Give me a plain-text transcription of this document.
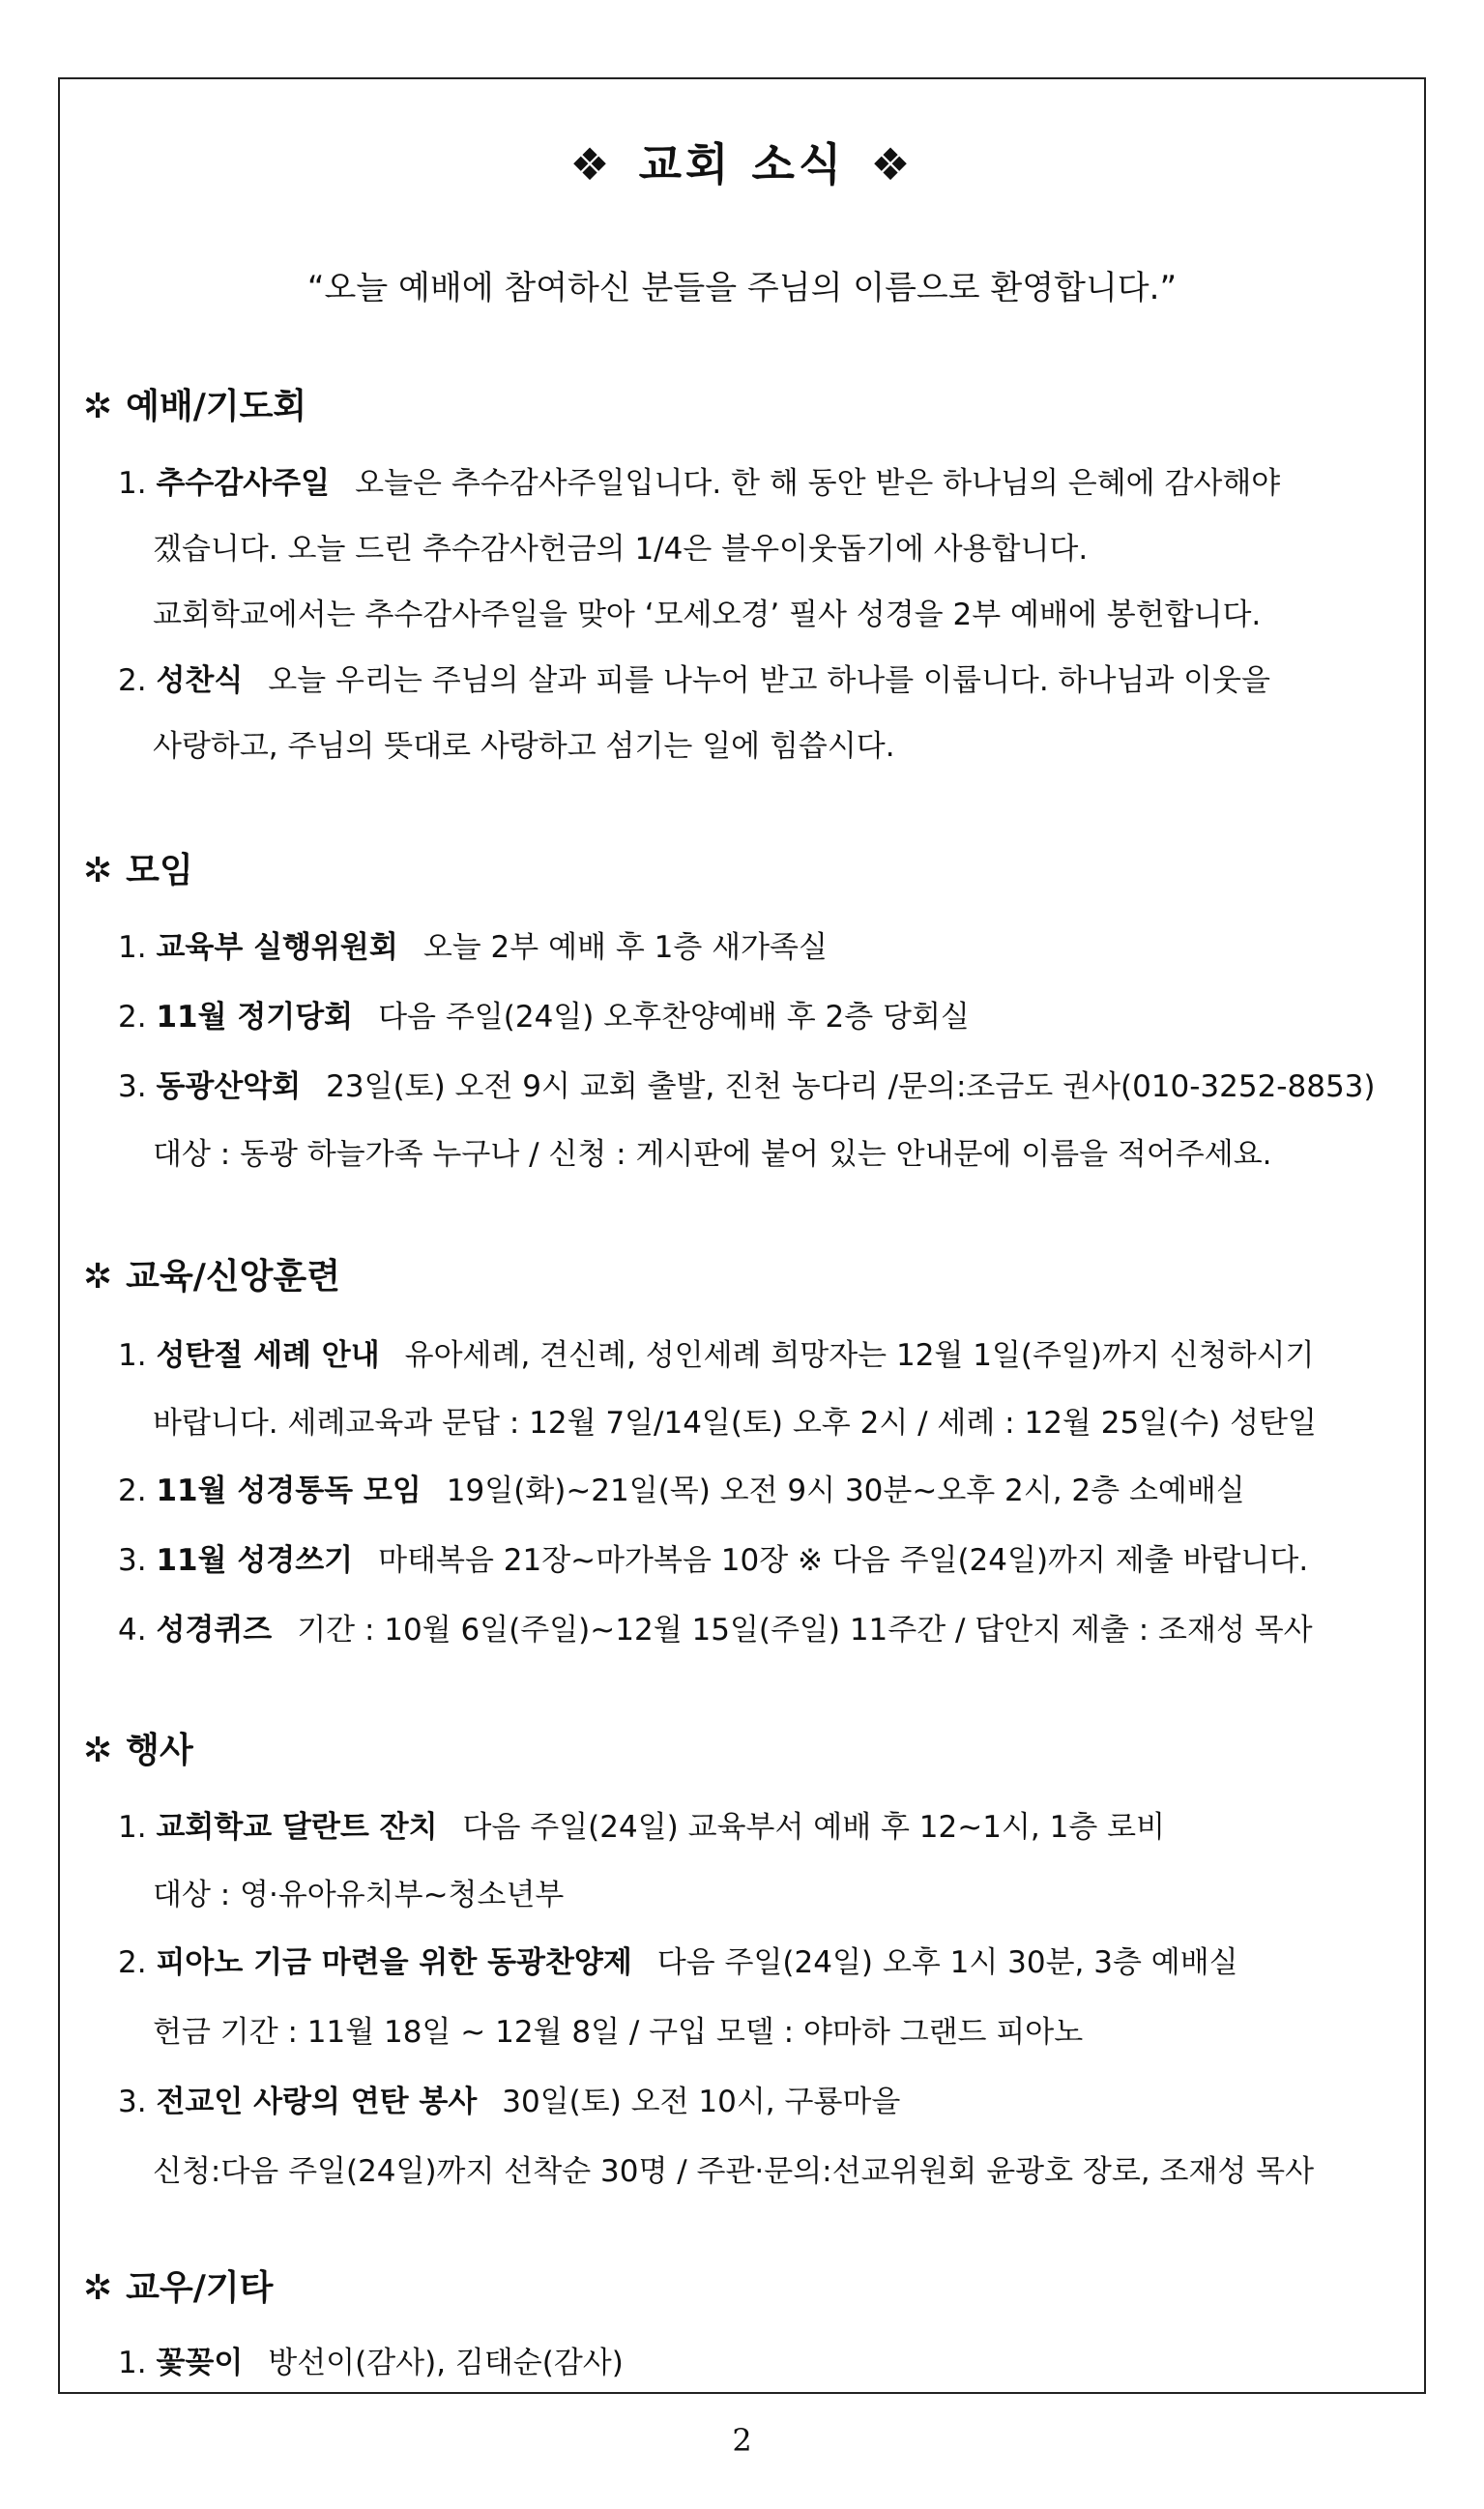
❖ 교회 소식 ❖
“오늘 예배에 참여하신 분들을 주님의 이름으로 환영합니다.”
✲ 예배/기도회
1. 추수감사주일 오늘은 추수감사주일입니다. 한 해 동안 받은 하나님의 은혜에 감사해야
겠습니다. 오늘 드린 추수감사헌금의 1/4은 블우이웃돕기에 사용합니다.
교회학교에서는 추수감사주일을 맞아 ‘모세오경’ 필사 성경을 2부 예배에 봉헌합니다.
2. 성찬식 오늘 우리는 주님의 살과 피를 나누어 받고 하나를 이룹니다. 하나님과 이웃을
사랑하고, 주님의 뜻대로 사랑하고 섬기는 일에 힘씁시다.
✲ 모임
1. 교육부 실행위원회 오늘 2부 예배 후 1층 새가족실
2. 11월 정기당회 다음 주일(24일) 오후찬양예배 후 2층 당회실
3. 동광산악회 23일(토) 오전 9시 교회 출발, 진천 농다리 /문의:조금도 권사(010-3252-8853)
대상 : 동광 하늘가족 누구나 / 신청 : 게시판에 붙어 있는 안내문에 이름을 적어주세요.
✲ 교육/신앙훈련
1. 성탄절 세례 안내 유아세례, 견신례, 성인세례 희망자는 12월 1일(주일)까지 신청하시기
바랍니다. 세례교육과 문답 : 12월 7일/14일(토) 오후 2시 / 세례 : 12월 25일(수) 성탄일
2. 11월 성경통독 모임 19일(화)~21일(목) 오전 9시 30분~오후 2시, 2층 소예배실
3. 11월 성경쓰기 마태복음 21장~마가복음 10장 ※ 다음 주일(24일)까지 제출 바랍니다.
4. 성경퀴즈 기간 : 10월 6일(주일)~12월 15일(주일) 11주간 / 답안지 제출 : 조재성 목사
✲ 행사
1. 교회학교 달란트 잔치 다음 주일(24일) 교육부서 예배 후 12~1시, 1층 로비
대상 : 영·유아유치부~청소년부
2. 피아노 기금 마련을 위한 동광찬양제 다음 주일(24일) 오후 1시 30분, 3층 예배실
헌금 기간 : 11월 18일 ~ 12월 8일 / 구입 모델 : 야마하 그랜드 피아노
3. 전교인 사랑의 연탄 봉사 30일(토) 오전 10시, 구룡마을
신청:다음 주일(24일)까지 선착순 30명 / 주관·문의:선교위원회 윤광호 장로, 조재성 목사
✲ 교우/기타
1. 꽃꽂이 방선이(감사), 김태순(감사)
2
